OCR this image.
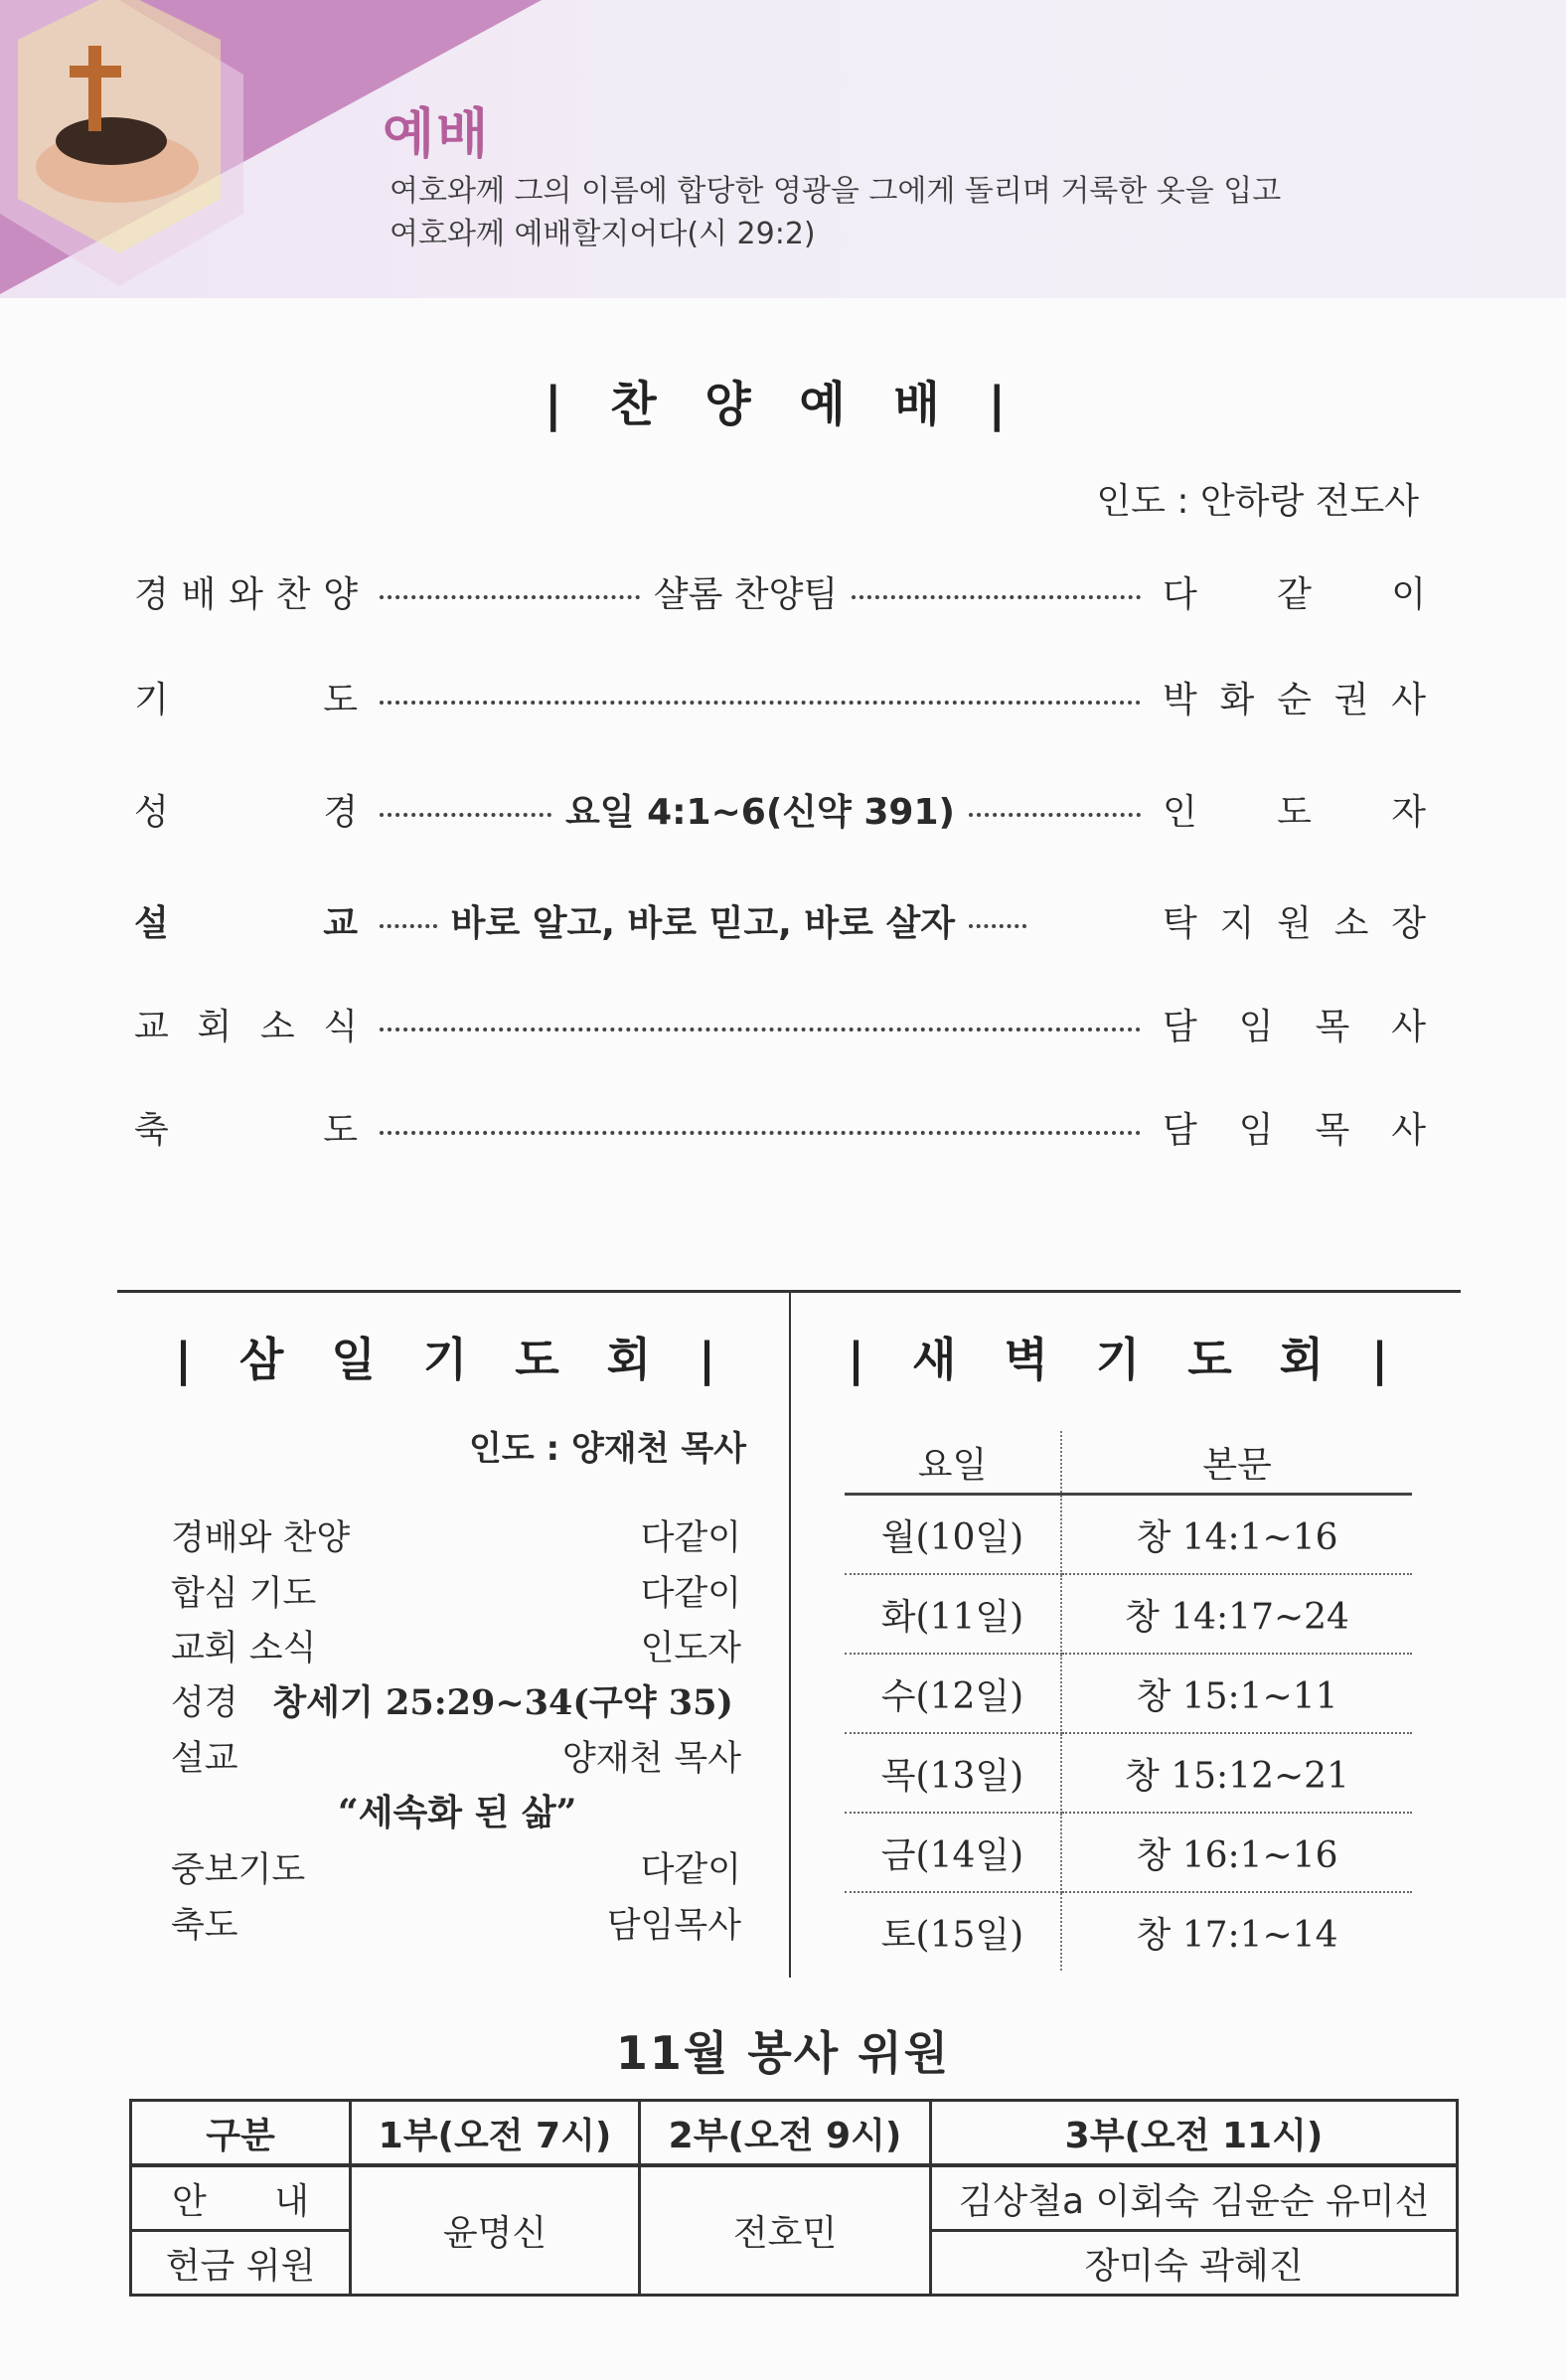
예배
여호와께 그의 이름에 합당한 영광을 그에게 돌리며 거룩한 옷을 입고
여호와께 예배할지어다(시 29:2)
| 찬 양 예 배 |
인도 : 안하랑 전도사
경 배 와 찬 양	샬롬 찬양팀	다 같 이
기	도	박 화 순 권 사
성	경	요일 4:1~6(신약 391)	인 도 자
설	교	바로 알고, 바로 믿고, 바로 살자	탁 지 원 소 장
교 회 소 식	담 임 목 사
축	도	담 임 목 사
| 삼 일 기 도 회 |
인도 : 양재천 목사
경배와 찬양	다같이
합심 기도	다같이
교회 소식	인도자
성경 창세기 25:29~34(구약 35)
설교	양재천 목사
중보기도	다같이
축도	담임목사
“세속화 된 삶”
| 새 벽 기 도 회 |
요일	본문
월(10일)	창 14:1~16
화(11일)	창 14:17~24
수(12일)	창 15:1~11
목(13일)	창 15:12~21
금(14일)	창 16:1~16
토(15일)	창 17:1~14
11월 봉사 위원
구분	1부(오전 7시)	2부(오전 9시)	3부(오전 11시)

안 내	윤명신	전호민	김상철a 이회숙 김윤순 유미선
헌금 위원			장미숙 곽혜진
